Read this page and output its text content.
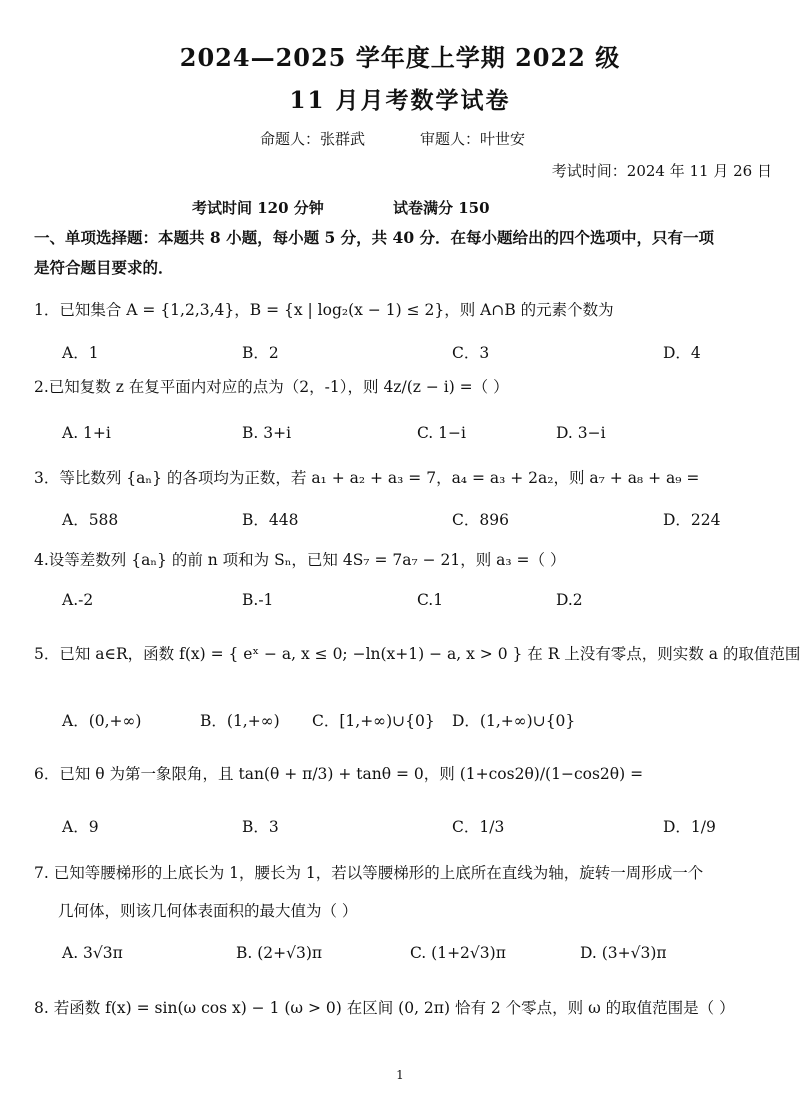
2024—2025 学年度上学期 2022 级
11 月月考数学试卷
命题人：张群武	审题人：叶世安
考试时间：2024 年 11 月 26 日
考试时间 120 分钟	试卷满分 150
一、单项选择题：本题共 8 小题，每小题 5 分，共 40 分．在每小题给出的四个选项中，只有一项
是符合题目要求的．
1．已知集合 A = {1,2,3,4}，B = {x | log₂(x − 1) ≤ 2}，则 A∩B 的元素个数为
A．1	B．2	C．3	D．4
2.已知复数 z 在复平面内对应的点为（2，-1），则 4z/(z − i) =（ ）
A. 1+i	B. 3+i	C. 1−i	D. 3−i
3．等比数列 {aₙ} 的各项均为正数，若 a₁ + a₂ + a₃ = 7，a₄ = a₃ + 2a₂，则 a₇ + a₈ + a₉ =
A．588	B．448	C．896	D．224
4.设等差数列 {aₙ} 的前 n 项和为 Sₙ，已知 4S₇ = 7a₇ − 21，则 a₃ =（ ）
A.-2	B.-1	C.1	D.2
5．已知 a∈R，函数 f(x) = { eˣ − a, x ≤ 0; −ln(x+1) − a, x > 0 } 在 R 上没有零点，则实数 a 的取值范围
A．(0,+∞)	B．(1,+∞) C．[1,+∞)∪{0} D．(1,+∞)∪{0}
6．已知 θ 为第一象限角，且 tan(θ + π/3) + tanθ = 0，则 (1+cos2θ)/(1−cos2θ) =
A．9	B．3	C．1/3	D．1/9
7. 已知等腰梯形的上底长为 1，腰长为 1，若以等腰梯形的上底所在直线为轴，旋转一周形成一个
几何体，则该几何体表面积的最大值为（ ）
A. 3√3π	B. (2+√3)π	C. (1+2√3)π	D. (3+√3)π
8. 若函数 f(x) = sin(ω cos x) − 1 (ω > 0) 在区间 (0, 2π) 恰有 2 个零点，则 ω 的取值范围是（ ）
1
